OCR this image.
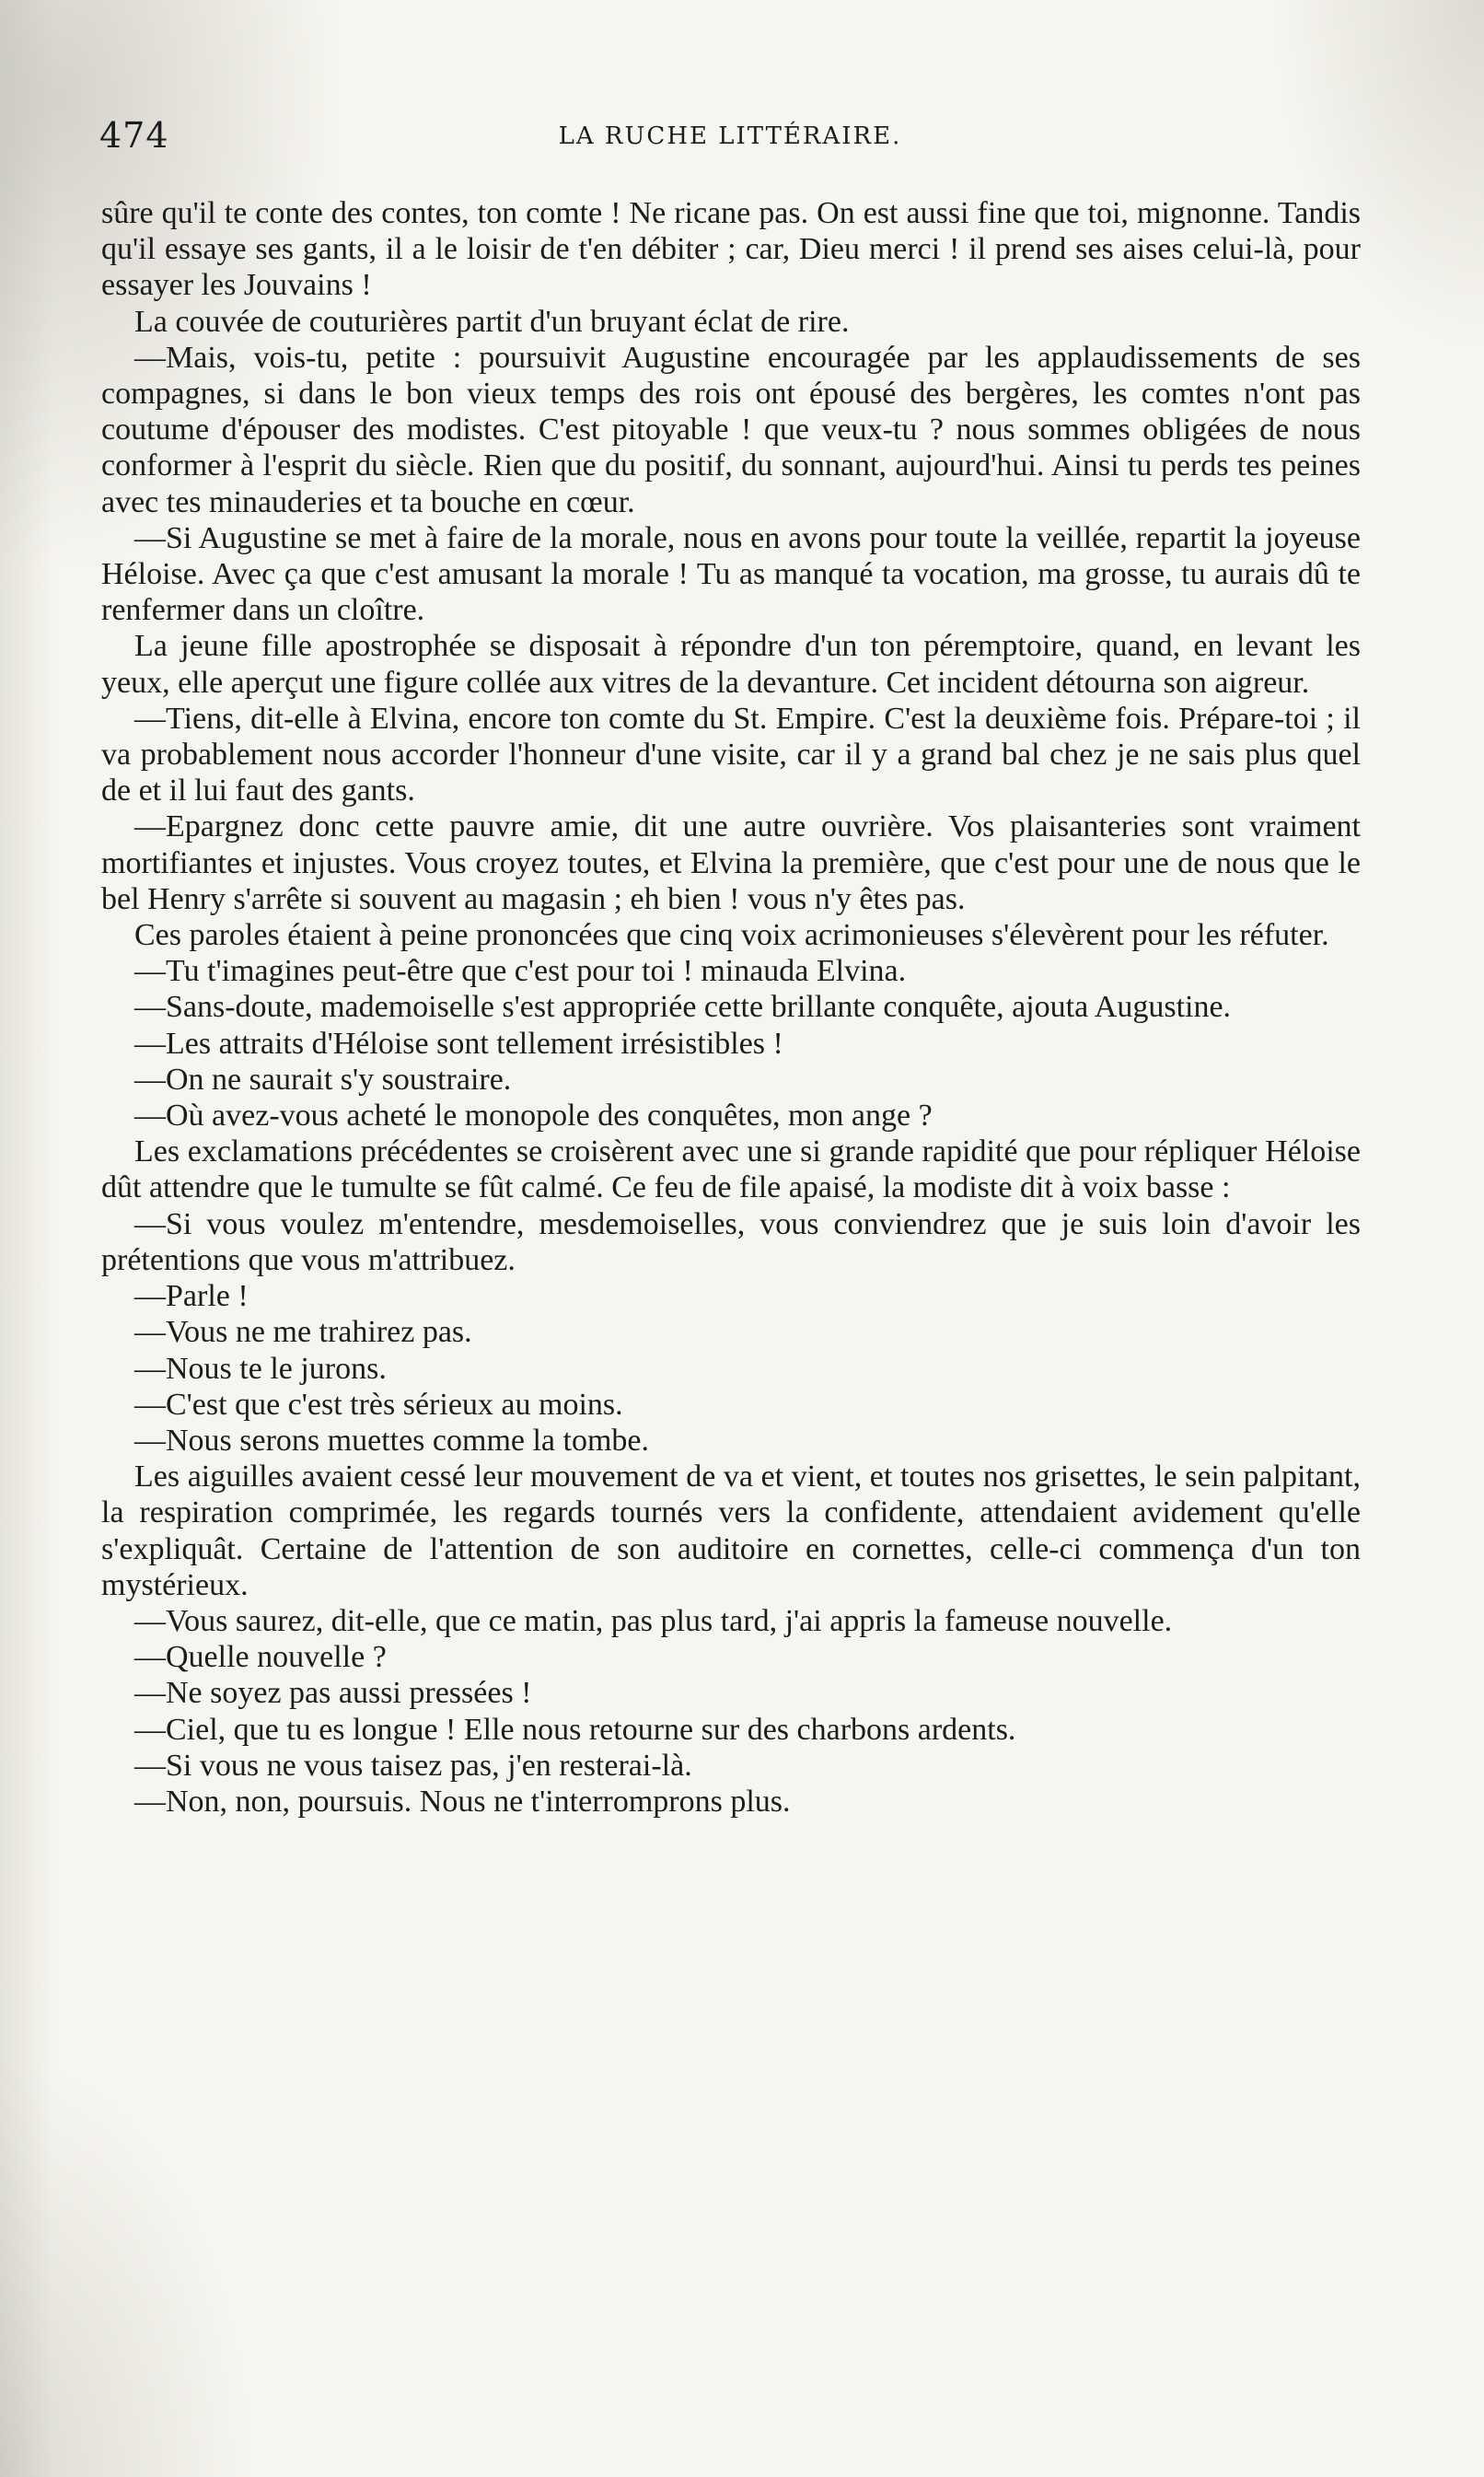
474	LA RUCHE LITTÉRAIRE.

sûre qu'il te conte des contes, ton comte ! Ne ricane pas. On est aussi fine que toi, mignonne. Tandis qu'il essaye ses gants, il a le loisir de t'en débiter ; car, Dieu merci ! il prend ses aises celui-là, pour essayer les Jouvains !

La couvée de couturières partit d'un bruyant éclat de rire.

—Mais, vois-tu, petite : poursuivit Augustine encouragée par les applaudissements de ses compagnes, si dans le bon vieux temps des rois ont épousé des bergères, les comtes n'ont pas coutume d'épouser des modistes. C'est pitoyable ! que veux-tu ? nous sommes obligées de nous conformer à l'esprit du siècle. Rien que du positif, du sonnant, aujourd'hui. Ainsi tu perds tes peines avec tes minauderies et ta bouche en cœur.

—Si Augustine se met à faire de la morale, nous en avons pour toute la veillée, repartit la joyeuse Héloise. Avec ça que c'est amusant la morale ! Tu as manqué ta vocation, ma grosse, tu aurais dû te renfermer dans un cloître.

La jeune fille apostrophée se disposait à répondre d'un ton péremptoire, quand, en levant les yeux, elle aperçut une figure collée aux vitres de la devanture. Cet incident détourna son aigreur.

—Tiens, dit-elle à Elvina, encore ton comte du St. Empire. C'est la deuxième fois. Prépare-toi ; il va probablement nous accorder l'honneur d'une visite, car il y a grand bal chez je ne sais plus quel de et il lui faut des gants.

—Epargnez donc cette pauvre amie, dit une autre ouvrière. Vos plaisanteries sont vraiment mortifiantes et injustes. Vous croyez toutes, et Elvina la première, que c'est pour une de nous que le bel Henry s'arrête si souvent au magasin ; eh bien ! vous n'y êtes pas.

Ces paroles étaient à peine prononcées que cinq voix acrimonieuses s'élevèrent pour les réfuter.

—Tu t'imagines peut-être que c'est pour toi ! minauda Elvina.

—Sans-doute, mademoiselle s'est appropriée cette brillante conquête, ajouta Augustine.

—Les attraits d'Héloise sont tellement irrésistibles !

—On ne saurait s'y soustraire.

—Où avez-vous acheté le monopole des conquêtes, mon ange ?

Les exclamations précédentes se croisèrent avec une si grande rapidité que pour répliquer Héloise dût attendre que le tumulte se fût calmé. Ce feu de file apaisé, la modiste dit à voix basse :

—Si vous voulez m'entendre, mesdemoiselles, vous conviendrez que je suis loin d'avoir les prétentions que vous m'attribuez.

—Parle !

—Vous ne me trahirez pas.

—Nous te le jurons.

—C'est que c'est très sérieux au moins.

—Nous serons muettes comme la tombe.

Les aiguilles avaient cessé leur mouvement de va et vient, et toutes nos grisettes, le sein palpitant, la respiration comprimée, les regards tournés vers la confidente, attendaient avidement qu'elle s'expliquât. Certaine de l'attention de son auditoire en cornettes, celle-ci commença d'un ton mystérieux.

—Vous saurez, dit-elle, que ce matin, pas plus tard, j'ai appris la fameuse nouvelle.

—Quelle nouvelle ?

—Ne soyez pas aussi pressées !

—Ciel, que tu es longue ! Elle nous retourne sur des charbons ardents.

—Si vous ne vous taisez pas, j'en resterai-là.

—Non, non, poursuis. Nous ne t'interromprons plus.
